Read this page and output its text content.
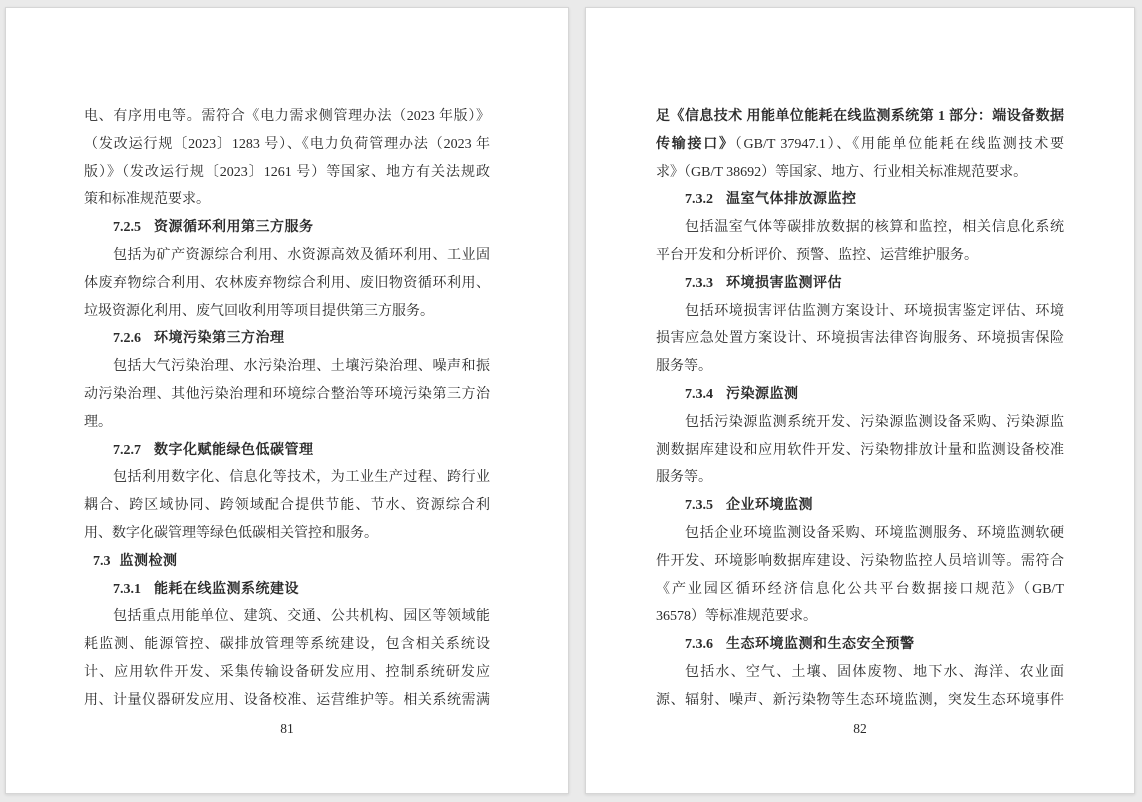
电、有序用电等。需符合《电力需求侧管理办法（2023 年版）》
（发改运行规〔2023〕1283 号）、《电力负荷管理办法（2023 年
版）》（发改运行规〔2023〕1261 号）等国家、地方有关法规政
策和标准规范要求。
7.2.5 资源循环利用第三方服务
包括为矿产资源综合利用、水资源高效及循环利用、工业固
体废弃物综合利用、农林废弃物综合利用、废旧物资循环利用、
垃圾资源化利用、废气回收利用等项目提供第三方服务。
7.2.6 环境污染第三方治理
包括大气污染治理、水污染治理、土壤污染治理、噪声和振
动污染治理、其他污染治理和环境综合整治等环境污染第三方治
理。
7.2.7 数字化赋能绿色低碳管理
包括利用数字化、信息化等技术，为工业生产过程、跨行业
耦合、跨区域协同、跨领域配合提供节能、节水、资源综合利
用、数字化碳管理等绿色低碳相关管控和服务。
7.3 监测检测
7.3.1 能耗在线监测系统建设
包括重点用能单位、建筑、交通、公共机构、园区等领域能
耗监测、能源管控、碳排放管理等系统建设，包含相关系统设
计、应用软件开发、采集传输设备研发应用、控制系统研发应
用、计量仪器研发应用、设备校准、运营维护等。相关系统需满
81
足《信息技术 用能单位能耗在线监测系统第 1 部分：端设备数据
传输接口》（GB/T 37947.1）、《用能单位能耗在线监测技术要
求》（GB/T 38692）等国家、地方、行业相关标准规范要求。
7.3.2 温室气体排放源监控
包括温室气体等碳排放数据的核算和监控，相关信息化系统
平台开发和分析评价、预警、监控、运营维护服务。
7.3.3 环境损害监测评估
包括环境损害评估监测方案设计、环境损害鉴定评估、环境
损害应急处置方案设计、环境损害法律咨询服务、环境损害保险
服务等。
7.3.4 污染源监测
包括污染源监测系统开发、污染源监测设备采购、污染源监
测数据库建设和应用软件开发、污染物排放计量和监测设备校准
服务等。
7.3.5 企业环境监测
包括企业环境监测设备采购、环境监测服务、环境监测软硬
件开发、环境影响数据库建设、污染物监控人员培训等。需符合
《产业园区循环经济信息化公共平台数据接口规范》（GB/T
36578）等标准规范要求。
7.3.6 生态环境监测和生态安全预警
包括水、空气、土壤、固体废物、地下水、海洋、农业面
源、辐射、噪声、新污染物等生态环境监测，突发生态环境事件
82
